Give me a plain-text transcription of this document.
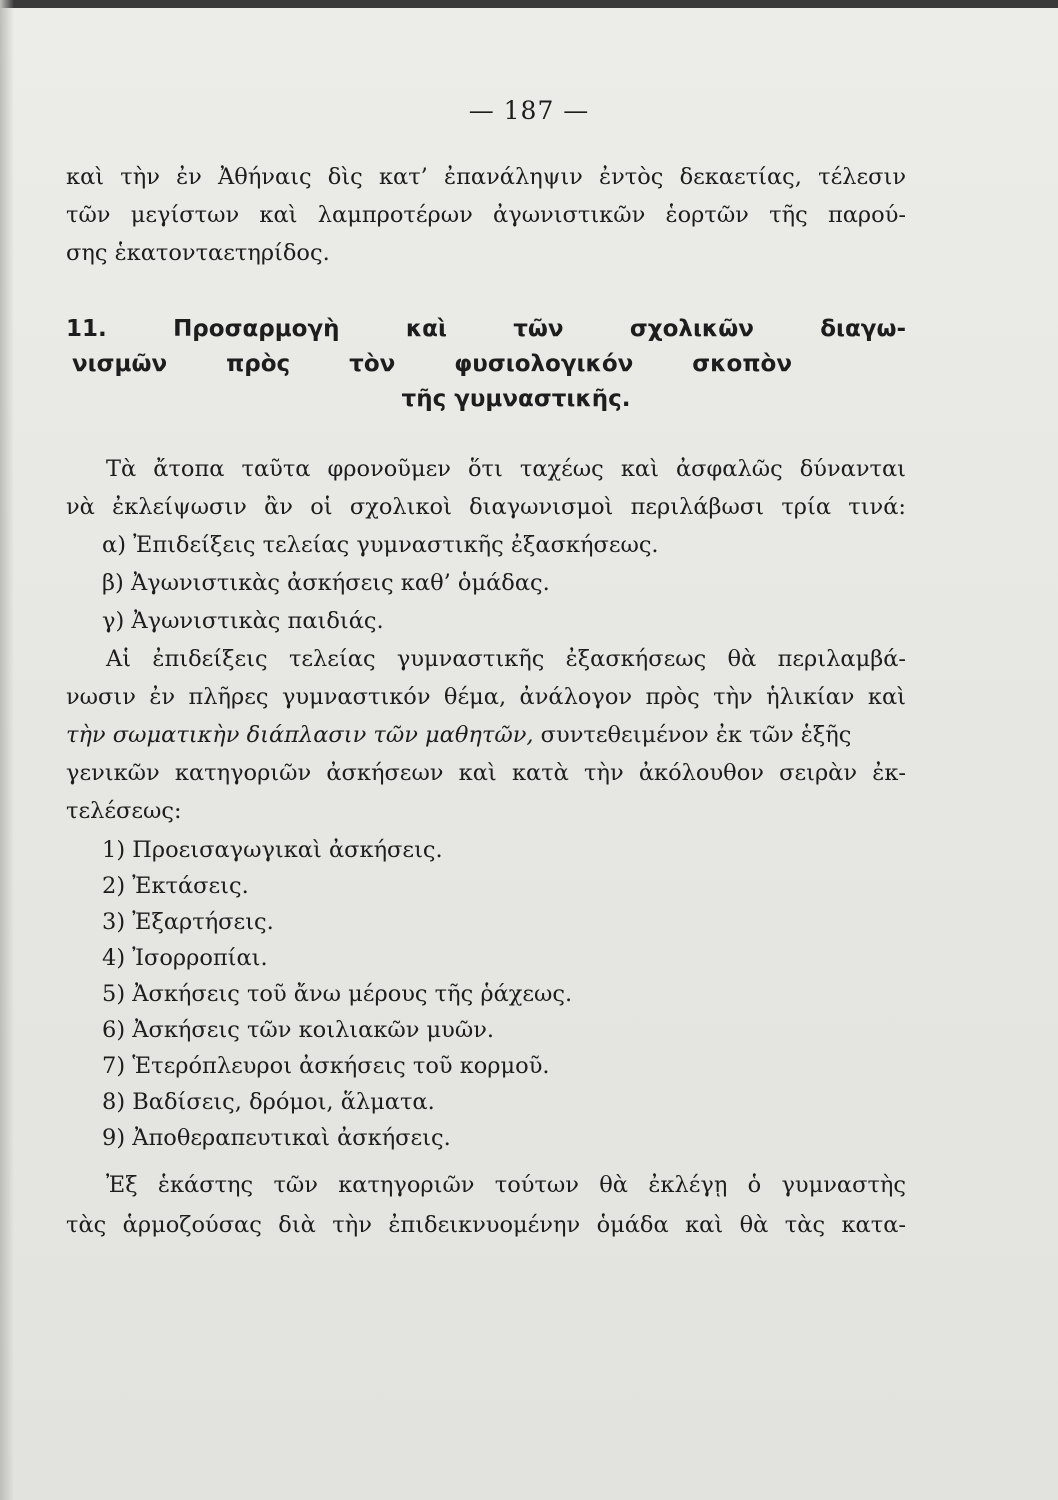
— 187 —
καὶ τὴν ἐν Ἀθήναις δὶς κατ’ ἐπανάληψιν ἐντὸς δεκαετίας, τέλεσιν
τῶν μεγίστων καὶ λαμπροτέρων ἀγωνιστικῶν ἑορτῶν τῆς παρού-
σης ἑκατονταετηρίδος.
11.	Προσαρμογὴ καὶ τῶν σχολικῶν διαγω-
νισμῶν πρὸς τὸν φυσιολογικόν σκοπὸν
τῆς γυμναστικῆς.
Τὰ ἄτοπα ταῦτα φρονοῦμεν ὅτι ταχέως καὶ ἀσφαλῶς δύνανται
νὰ ἐκλείψωσιν ἂν οἱ σχολικοὶ διαγωνισμοὶ περιλάβωσι τρία τινά:
α) Ἐπιδείξεις τελείας γυμναστικῆς ἐξασκήσεως.
β) Ἀγωνιστικὰς ἀσκήσεις καθ’ ὁμάδας.
γ) Ἀγωνιστικὰς παιδιάς.
Αἱ ἐπιδείξεις τελείας γυμναστικῆς ἐξασκήσεως θὰ περιλαμβά-
νωσιν ἐν πλῆρες γυμναστικόν θέμα, ἀνάλογον πρὸς τὴν ἡλικίαν καὶ
τὴν σωματικὴν διάπλασιν τῶν μαθητῶν, συντεθειμένον ἐκ τῶν ἑξῆς
γενικῶν κατηγοριῶν ἀσκήσεων καὶ κατὰ τὴν ἀκόλουθον σειρὰν ἐκ-
τελέσεως:
1) Προεισαγωγικαὶ ἀσκήσεις.
2) Ἐκτάσεις.
3) Ἐξαρτήσεις.
4) Ἰσορροπίαι.
5) Ἀσκήσεις τοῦ ἄνω μέρους τῆς ῥάχεως.
6) Ἀσκήσεις τῶν κοιλιακῶν μυῶν.
7) Ἑτερόπλευροι ἀσκήσεις τοῦ κορμοῦ.
8) Βαδίσεις, δρόμοι, ἅλματα.
9) Ἀποθεραπευτικαὶ ἀσκήσεις.
Ἐξ ἑκάστης τῶν κατηγοριῶν τούτων θὰ ἐκλέγῃ ὁ γυμναστὴς
τὰς ἁρμοζούσας διὰ τὴν ἐπιδεικνυομένην ὁμάδα καὶ θὰ τὰς κατα-
